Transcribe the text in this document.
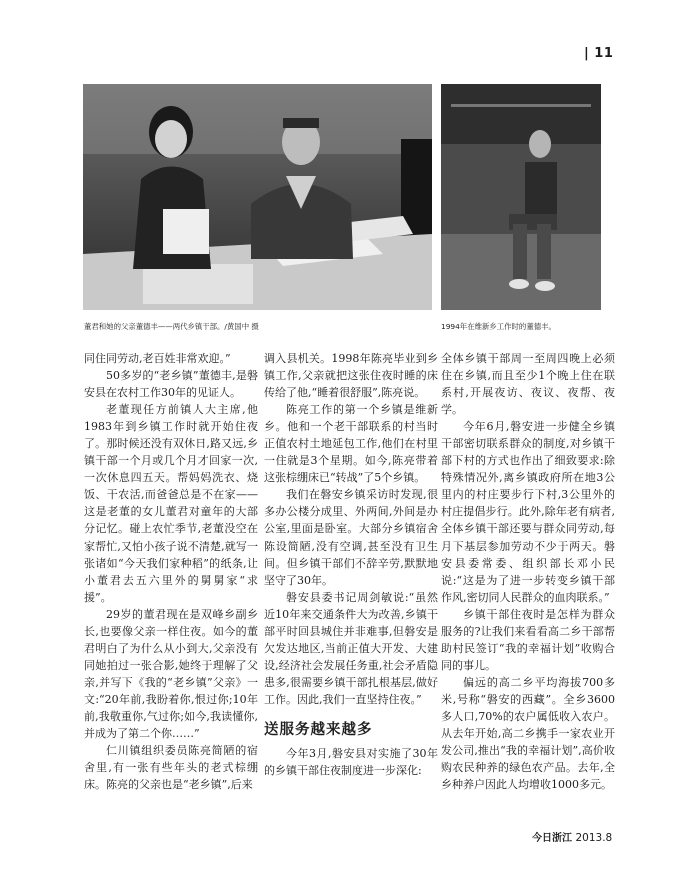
| 11
董君和她的父亲董德丰——两代乡镇干部。/黄国中 摄	1994年在维新乡工作时的董德丰。

同住同劳动,老百姓非常欢迎。”

50多岁的“老乡镇”董德丰,是磐安县在农村工作30年的见证人。

老董现任方前镇人大主席,他1983年到乡镇工作时就开始住夜了。那时候还没有双休日,路又远,乡镇干部一个月或几个月才回家一次,一次休息四五天。帮妈妈洗衣、烧饭、干农活,而爸爸总是不在家——这是老董的女儿董君对童年的大部分记忆。碰上农忙季节,老董没空在家帮忙,又怕小孩子说不清楚,就写一张诸如“今天我们家种稻”的纸条,让小董君去五六里外的舅舅家“求援”。

29岁的董君现在是双峰乡副乡长,也要像父亲一样住夜。如今的董君明白了为什么从小到大,父亲没有同她拍过一张合影,她终于理解了父亲,并写下《我的“老乡镇”父亲》一文:“20年前,我盼着你,恨过你;10年前,我敬重你,气过你;如今,我读懂你,并成为了第二个你……”

仁川镇组织委员陈亮简陋的宿舍里,有一张有些年头的老式棕绷床。陈亮的父亲也是“老乡镇”,后来

调入县机关。1998年陈亮毕业到乡镇工作,父亲就把这张住夜时睡的床传给了他,“睡着很舒服”,陈亮说。

陈亮工作的第一个乡镇是维新乡。他和一个老干部联系的村当时正值农村土地延包工作,他们在村里一住就是3个星期。如今,陈亮带着这张棕绷床已“转战”了5个乡镇。

我们在磐安乡镇采访时发现,很多办公楼分成里、外两间,外间是办公室,里面是卧室。大部分乡镇宿舍陈设简陋,没有空调,甚至没有卫生间。但乡镇干部们不辞辛劳,默默地坚守了30年。

磐安县委书记周剑敏说:“虽然近10年来交通条件大为改善,乡镇干部平时回县城住并非难事,但磐安是欠发达地区,当前正值大开发、大建设,经济社会发展任务重,社会矛盾隐患多,很需要乡镇干部扎根基层,做好工作。因此,我们一直坚持住夜。”

送服务越来越多

今年3月,磐安县对实施了30年的乡镇干部住夜制度进一步深化:

全体乡镇干部周一至周四晚上必须住在乡镇,而且至少1个晚上住在联系村,开展夜访、夜议、夜帮、夜学。

今年6月,磐安进一步健全乡镇干部密切联系群众的制度,对乡镇干部下村的方式也作出了细致要求:除特殊情况外,离乡镇政府所在地3公里内的村庄要步行下村,3公里外的村庄提倡步行。此外,除年老有病者,全体乡镇干部还要与群众同劳动,每月下基层参加劳动不少于两天。磐安县委常委、组织部长邓小民说:“这是为了进一步转变乡镇干部作风,密切同人民群众的血肉联系。”

乡镇干部住夜时是怎样为群众服务的?让我们来看看高二乡干部帮助村民签订“我的幸福计划”收购合同的事儿。

偏远的高二乡平均海拔700多米,号称“磐安的西藏”。全乡3600多人口,70%的农户属低收入农户。从去年开始,高二乡携手一家农业开发公司,推出“我的幸福计划”,高价收购农民种养的绿色农产品。去年,全乡种养户因此人均增收1000多元。

今日浙江 2013.8
